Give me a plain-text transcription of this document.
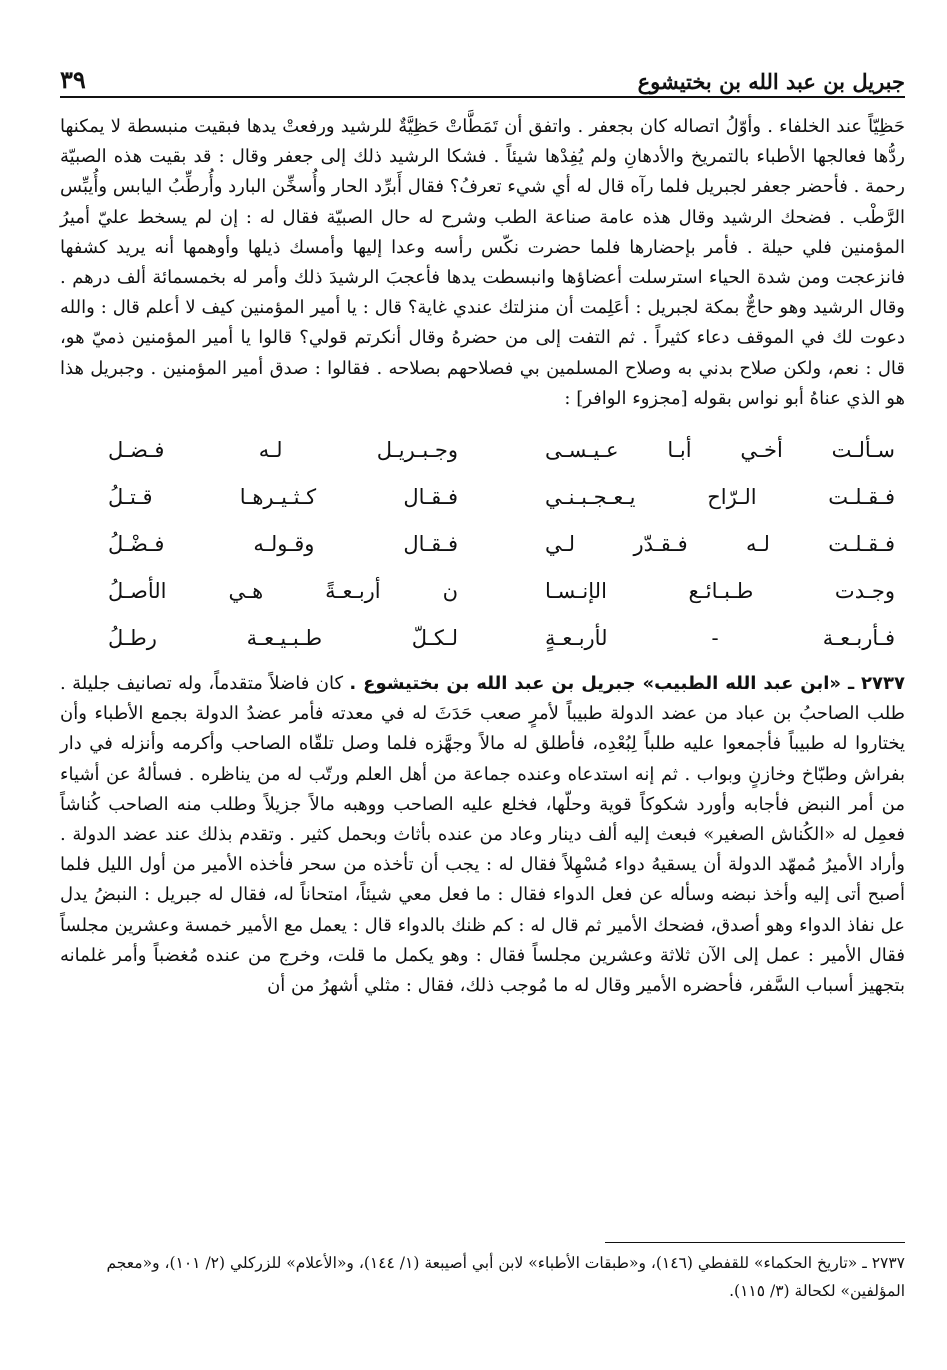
جبريل بن عبد الله بن بختيشوع
٣٩

حَظِيّاً عند الخلفاء . وأوّلُ اتصاله كان بجعفر . واتفق أن تَمَطَّاتْ حَظِيَّةٌ للرشيد ورفعتْ يدها فبقيت منبسطة لا يمكنها ردُّها فعالجها الأطباء بالتمريخ والأدهانِ ولم يُفِدْها شيئاً . فشكا الرشيد ذلك إلى جعفر وقال : قد بقيت هذه الصبيّة رحمة . فأحضر جعفر لجبريل فلما رآه قال له أي شيء تعرفُ؟ فقال أَبرِّد الحار وأُسخِّن البارد وأُرطِّبُ اليابس وأُيبِّس الرَّطْب . فضحك الرشيد وقال هذه عامة صناعة الطب وشرح له حال الصبيّة فقال له : إن لم يسخط عليّ أميرُ المؤمنين فلي حيلة . فأمر بإحضارها فلما حضرت نكّس رأسه وعدا إليها وأمسك ذيلها وأوهمها أنه يريد كشفها فانزعجت ومن شدة الحياء استرسلت أعضاؤها وانبسطت يدها فأعجبَ الرشيدَ ذلك وأمر له بخمسمائة ألف درهم . وقال الرشيد وهو حاجٌّ بمكة لجبريل : أعَلِمت أن منزلتك عندي غاية؟ قال : يا أمير المؤمنين كيف لا أعلم قال : والله دعوت لك في الموقف دعاء كثيراً . ثم التفت إلى من حضرهُ وقال أنكرتم قولي؟ قالوا يا أمير المؤمنين ذميّ هو، قال : نعم، ولكن صلاح بدني به وصلاح المسلمين بي فصلاحهم بصلاحه . فقالوا : صدق أمير المؤمنين . وجبريل هذا هو الذي عناهُ أبو نواس بقوله [مجزوء الوافر] :

سـألـت أخـي أبـا عـيـسـى
وجـبـريـل لـه فـضـل
فـقـلـت الـرّاح يـعـجـبـنـي
فـقـال كـثـيـرهـا قـتـلُ
فـقـلـت لـه فـقـدّر لـي
فـقـال وقـولـه فـضْـلُ
وجـدت طـبـائـع الإنـسـا
ن أربـعـةً هـي الأصـلُ
فـأربـعـة - لأربـعـةٍ
لـكـلّ طـبـيـعـة رطـلُ
٢٧٣٧ ـ «ابن عبد الله الطبيب» جبريل بن عبد الله بن بختيشوع . كان فاضلاً متقدماً، وله تصانيف جليلة . طلب الصاحبُ بن عباد من عضد الدولة طبيباً لأمرٍ صعب حَدَثَ له في معدته فأمر عضدُ الدولة بجمع الأطباء وأن يختاروا له طبيباً فأجمعوا عليه طلباً لِبُعْدِه، فأطلق له مالاً وجهَّزه فلما وصل تلقّاه الصاحب وأكرمه وأنزله في دار بفراش وطبّاخ وخازنٍ وبواب . ثم إنه استدعاه وعنده جماعة من أهل العلم ورتّب له من يناظره . فسألهُ عن أشياء من أمر النبض فأجابه وأورد شكوكاً قوية وحلّها، فخلع عليه الصاحب ووهبه مالاً جزيلاً وطلب منه الصاحب كُناشاً فعمِل له «الكُناش الصغير» فبعث إليه ألف دينار وعاد من عنده بأثاث وبحمل كثير . وتقدم بذلك عند عضد الدولة . وأراد الأميرُ مُمهّد الدولة أن يسقيهُ دواء مُسْهِلاً فقال له : يجب أن تأخذه من سحر فأخذه الأمير من أول الليل فلما أصبح أتى إليه وأخذ نبضه وسأله عن فعل الدواء فقال : ما فعل معي شيئاً، امتحاناً له، فقال له جبريل : النبضُ يدل عل نفاذ الدواء وهو أصدق، فضحك الأمير ثم قال له : كم ظنك بالدواء قال : يعمل مع الأمير خمسة وعشرين مجلساً فقال الأمير : عمل إلى الآن ثلاثة وعشرين مجلساً فقال : وهو يكمل ما قلت، وخرج من عنده مُغضباً وأمر غلمانه بتجهيز أسباب السَّفر، فأحضره الأمير وقال له ما مُوجب ذلك، فقال : مثلي أشهرُ من أن

٢٧٣٧ ـ «تاريخ الحكماء» للقفطي (١٤٦)، و«طبقات الأطباء» لابن أبي أصيبعة (١/ ١٤٤)، و«الأعلام» للزركلي (٢/ ١٠١)، و«معجم المؤلفين» لكحالة (٣/ ١١٥).
